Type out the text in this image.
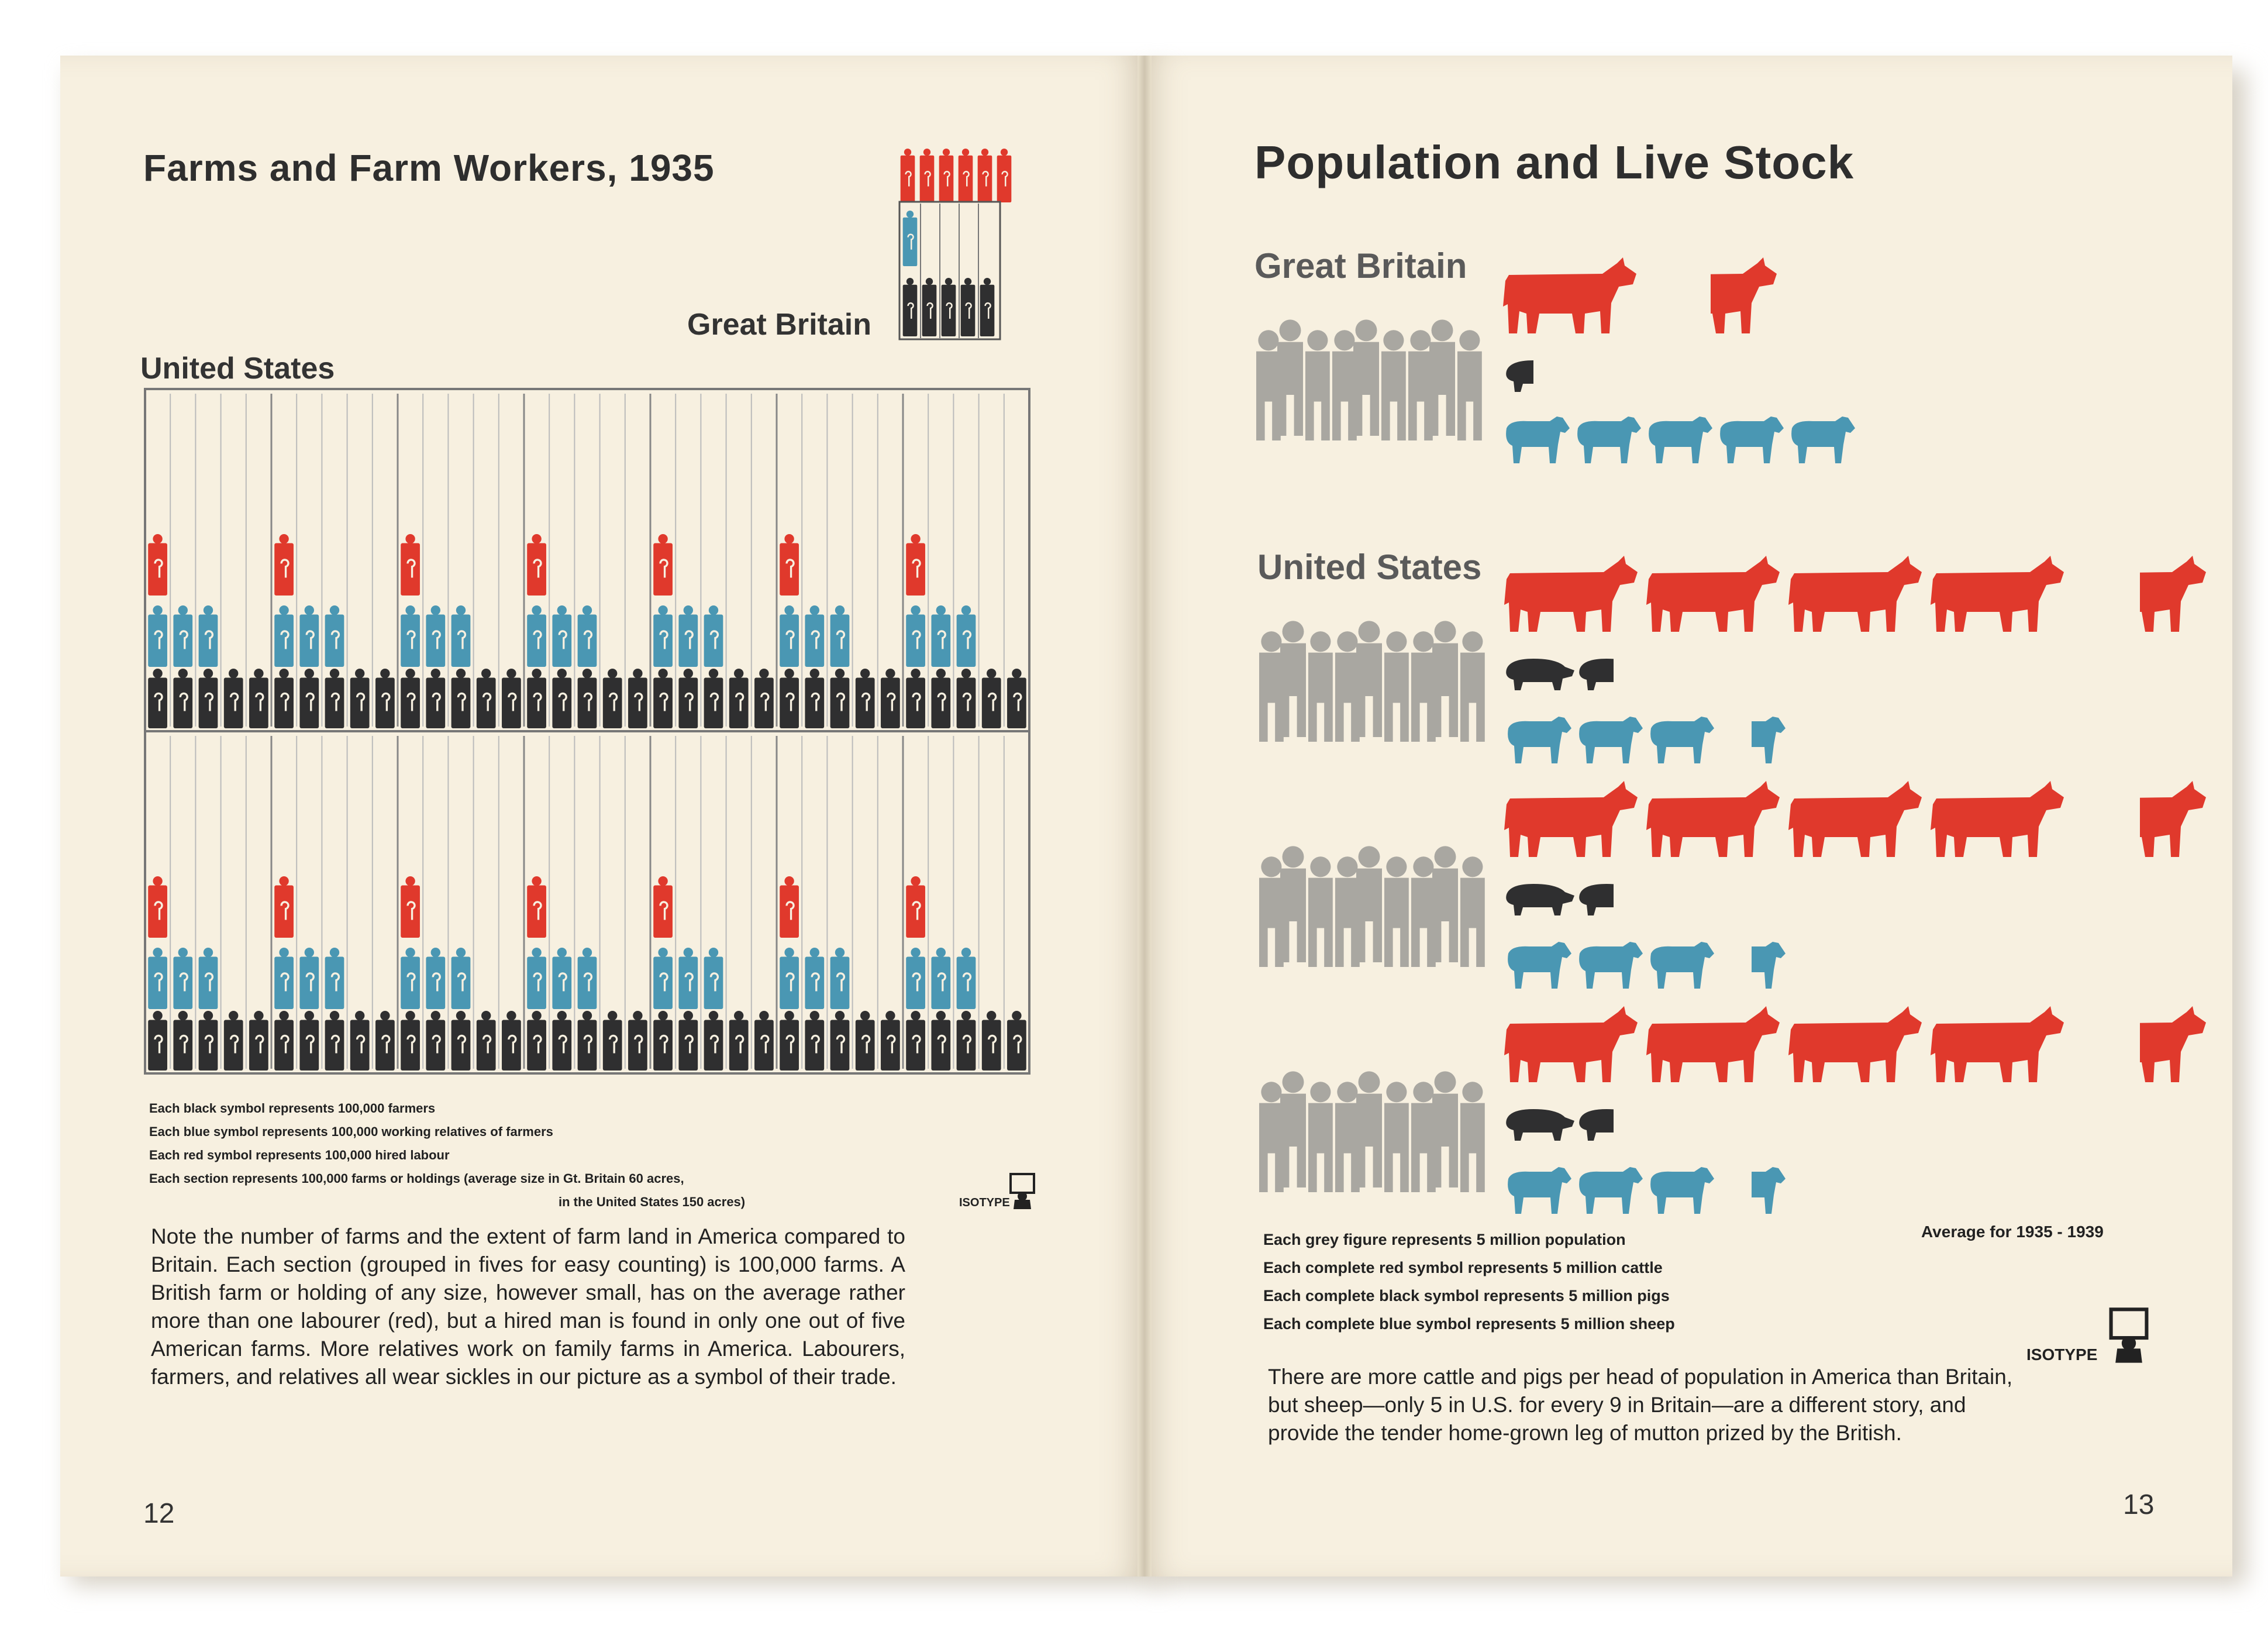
Farms and Farm Workers, 1935
Great Britain
United States
Each black symbol represents 100,000 farmers
Each blue symbol represents 100,000 working relatives of farmers
Each red symbol represents 100,000 hired labour
Each section represents 100,000 farms or holdings (average size in Gt. Britain 60 acres,
in the United States 150 acres)	ISOTYPE
Note the number of farms and the extent of farm land in America compared to Britain. Each section (grouped in fives for easy counting) is 100,000 farms. A British farm or holding of any size, however small, has on the average rather more than one labourer (red), but a hired man is found in only one out of five American farms. More relatives work on family farms in America. Labourers, farmers, and relatives all wear sickles in our picture as a symbol of their trade.
12
Population and Live Stock
Great Britain
United States
Each grey figure represents 5 million population
Each complete red symbol represents 5 million cattle
Each complete black symbol represents 5 million pigs
Each complete blue symbol represents 5 million sheep
Average for 1935 - 1939
ISOTYPE
There are more cattle and pigs per head of population in America than Britain, but sheep—only 5 in U.S. for every 9 in Britain—are a different story, and provide the tender home-grown leg of mutton prized by the British.
13
